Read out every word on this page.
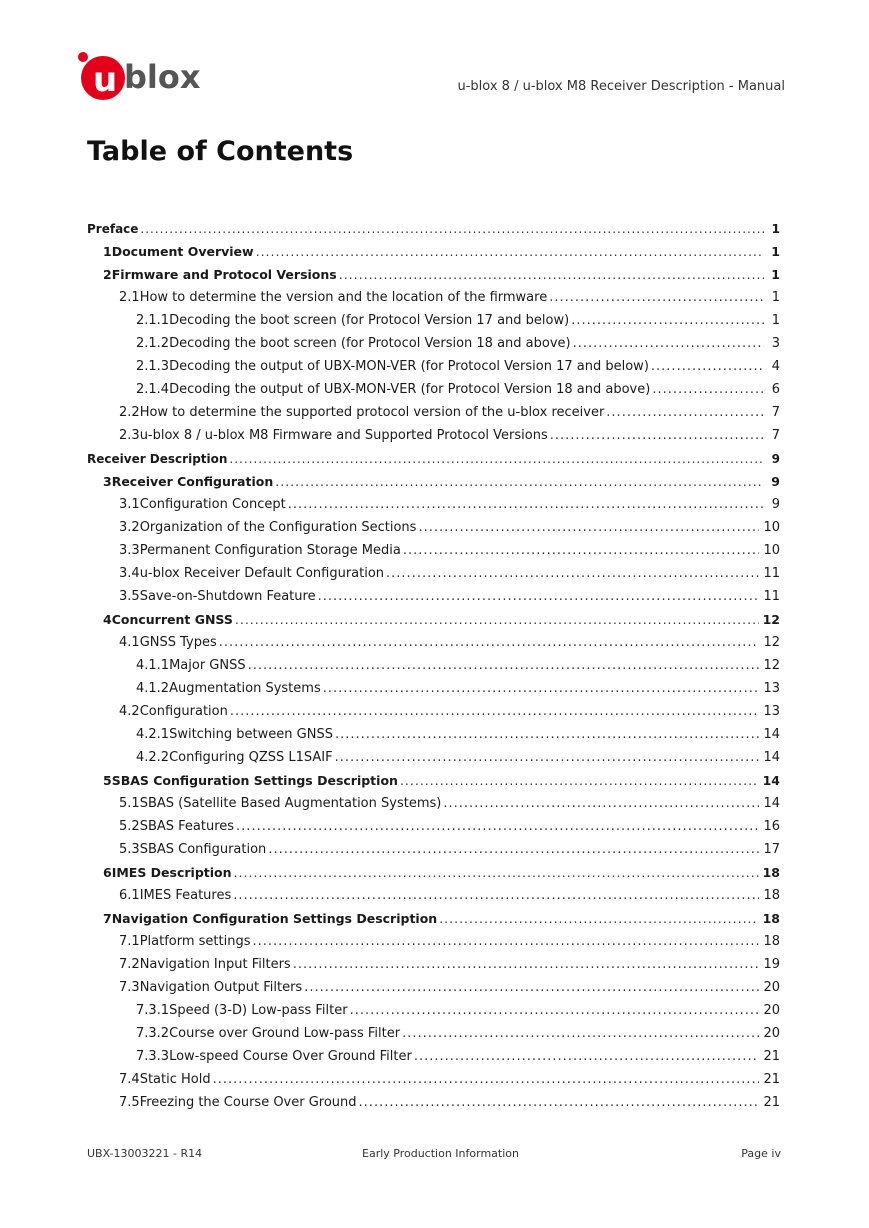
u blox	u-blox 8 / u-blox M8 Receiver Description - Manual
Table of Contents
Preface .....	1
1 Document Overview .....	1
2 Firmware and Protocol Versions .....	1
2.1 How to determine the version and the location of the firmware .....	1
2.1.1 Decoding the boot screen (for Protocol Version 17 and below) .....	1
2.1.2 Decoding the boot screen (for Protocol Version 18 and above) .....	3
2.1.3 Decoding the output of UBX-MON-VER (for Protocol Version 17 and below) .....	4
2.1.4 Decoding the output of UBX-MON-VER (for Protocol Version 18 and above) .....	6
2.2 How to determine the supported protocol version of the u-blox receiver .....	7
2.3 u-blox 8 / u-blox M8 Firmware and Supported Protocol Versions .....	7
Receiver Description .....	9
3 Receiver Configuration .....	9
3.1 Configuration Concept .....	9
3.2 Organization of the Configuration Sections .....	10
3.3 Permanent Configuration Storage Media .....	10
3.4 u-blox Receiver Default Configuration .....	11
3.5 Save-on-Shutdown Feature .....	11
4 Concurrent GNSS .....	12
4.1 GNSS Types .....	12
4.1.1 Major GNSS .....	12
4.1.2 Augmentation Systems .....	13
4.2 Configuration .....	13
4.2.1 Switching between GNSS .....	14
4.2.2 Configuring QZSS L1SAIF .....	14
5 SBAS Configuration Settings Description .....	14
5.1 SBAS (Satellite Based Augmentation Systems) .....	14
5.2 SBAS Features .....	16
5.3 SBAS Configuration .....	17
6 IMES Description .....	18
6.1 IMES Features .....	18
7 Navigation Configuration Settings Description .....	18
7.1 Platform settings .....	18
7.2 Navigation Input Filters .....	19
7.3 Navigation Output Filters .....	20
7.3.1 Speed (3-D) Low-pass Filter .....	20
7.3.2 Course over Ground Low-pass Filter .....	20
7.3.3 Low-speed Course Over Ground Filter .....	21
7.4 Static Hold .....	21
7.5 Freezing the Course Over Ground .....	21
UBX-13003221 - R14	Early Production Information	Page iv
